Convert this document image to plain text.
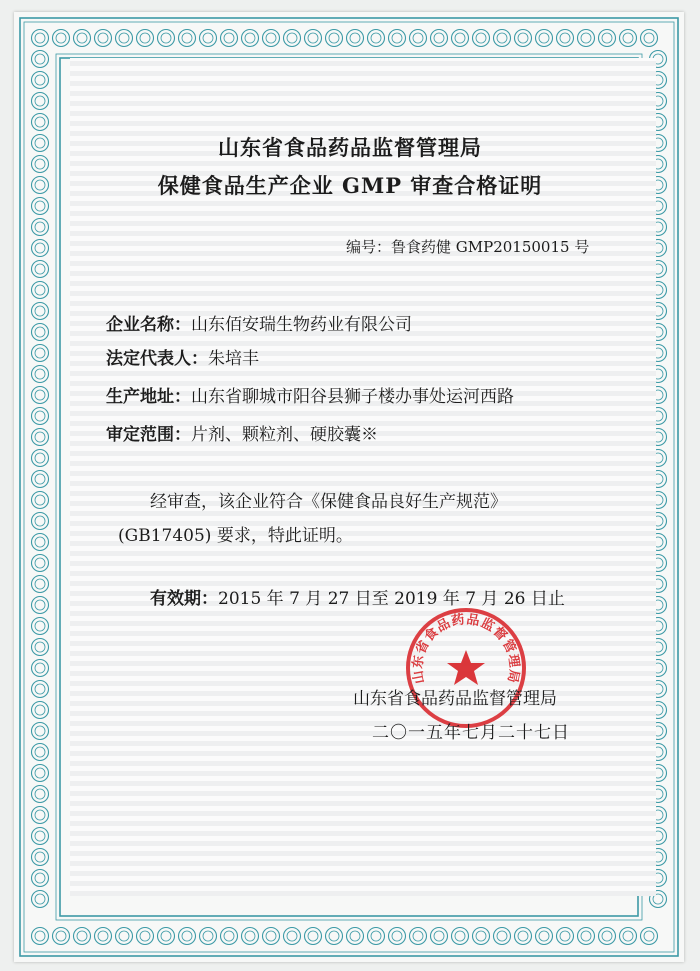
山东省食品药品监督管理局
保健食品生产企业 GMP 审查合格证明
编号：鲁食药健 GMP20150015 号
企业名称：山东佰安瑞生物药业有限公司
法定代表人：朱培丰
生产地址：山东省聊城市阳谷县狮子楼办事处运河西路
审定范围：片剂、颗粒剂、硬胶囊※
经审查，该企业符合《保健食品良好生产规范》
(GB17405) 要求，特此证明。
有效期：2015 年 7 月 27 日至 2019 年 7 月 26 日止
山东省食品药品监督管理局
山东省食品药品监督管理局
二〇一五年七月二十七日
